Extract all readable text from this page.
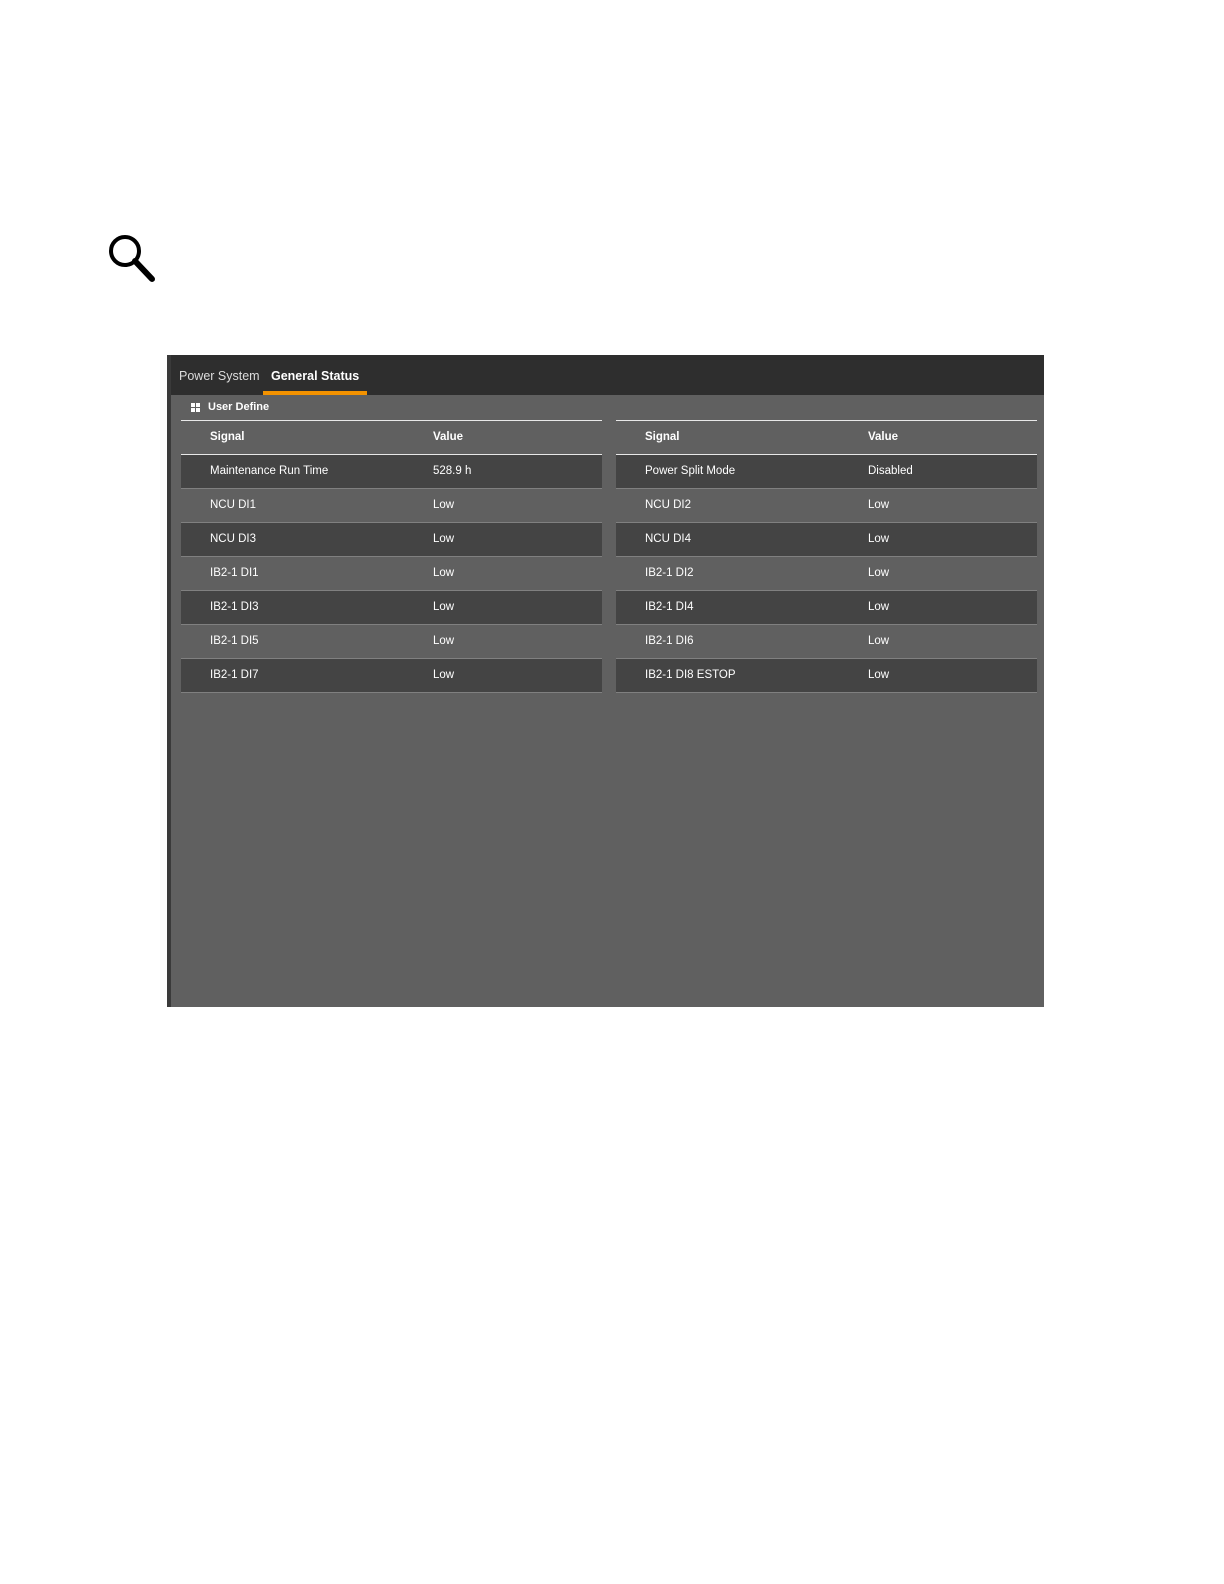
Power System General Status
User Define
Signal	Value
Maintenance Run Time	528.9 h
NCU DI1	Low
NCU DI3	Low
IB2-1 DI1	Low
IB2-1 DI3	Low
IB2-1 DI5	Low
IB2-1 DI7	Low
Signal	Value
Power Split Mode	Disabled
NCU DI2	Low
NCU DI4	Low
IB2-1 DI2	Low
IB2-1 DI4	Low
IB2-1 DI6	Low
IB2-1 DI8 ESTOP	Low
